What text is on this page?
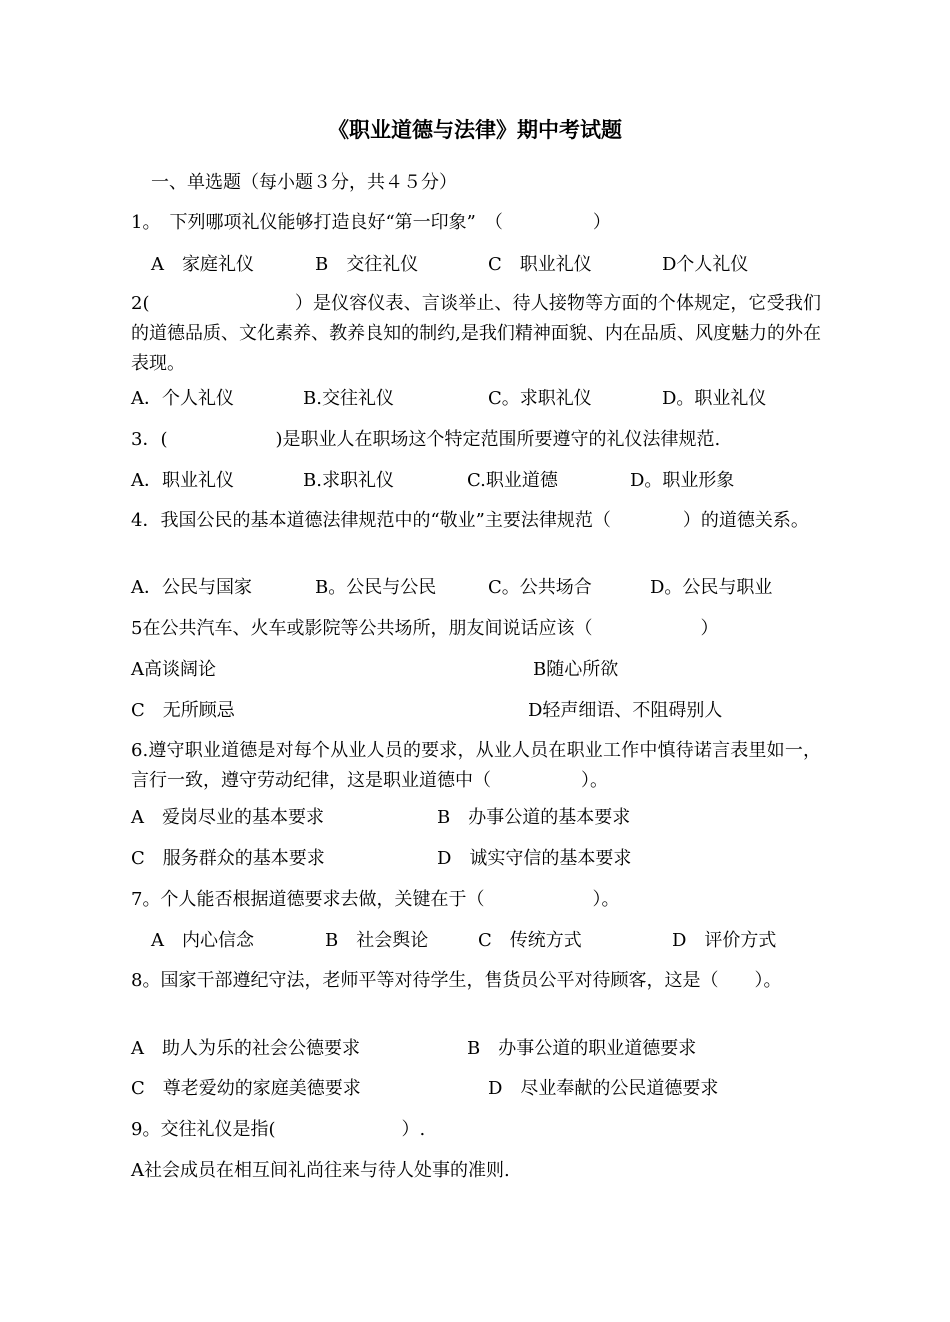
《职业道德与法律》期中考试题
一、单选题（每小题３分，共４５分）
1。　下列哪项礼仪能够打造良好“第一印象”　（　　　　　）
A　家庭礼仪	B　交往礼仪	C　职业礼仪	D个人礼仪
2(　　　　　　　　）是仪容仪表、言谈举止、待人接物等方面的个体规定，它受我们的道德品质、文化素养、教养良知的制约,是我们精神面貌、内在品质、风度魅力的外在表现。
A．个人礼仪	B.交往礼仪	C。求职礼仪	D。职业礼仪
3．(　　　　　　)是职业人在职场这个特定范围所要遵守的礼仪法律规范.
A．职业礼仪	B.求职礼仪	C.职业道德	D。职业形象
4．我国公民的基本道德法律规范中的“敬业”主要法律规范（　　　　）的道德关系。
A．公民与国家	B。公民与公民	C。公共场合	D。公民与职业
5在公共汽车、火车或影院等公共场所，朋友间说话应该（　　　　　　）
A高谈阔论	B随心所欲
C　无所顾忌	D轻声细语、不阻碍别人
6.遵守职业道德是对每个从业人员的要求，从业人员在职业工作中慎待诺言表里如一，言行一致，遵守劳动纪律，这是职业道德中（　　　　　）。
A　爱岗尽业的基本要求	B　办事公道的基本要求
C　服务群众的基本要求	D　诚实守信的基本要求
7。个人能否根据道德要求去做，关键在于（　　　　　　）。
A　内心信念	B　社会舆论	C　传统方式	D　评价方式
8。国家干部遵纪守法，老师平等对待学生，售货员公平对待顾客，这是（　　）。
A　助人为乐的社会公德要求	B　办事公道的职业道德要求
C　尊老爱幼的家庭美德要求	D　尽业奉献的公民道德要求
9。交往礼仪是指(　　　　　　　）.
A社会成员在相互间礼尚往来与待人处事的准则.
